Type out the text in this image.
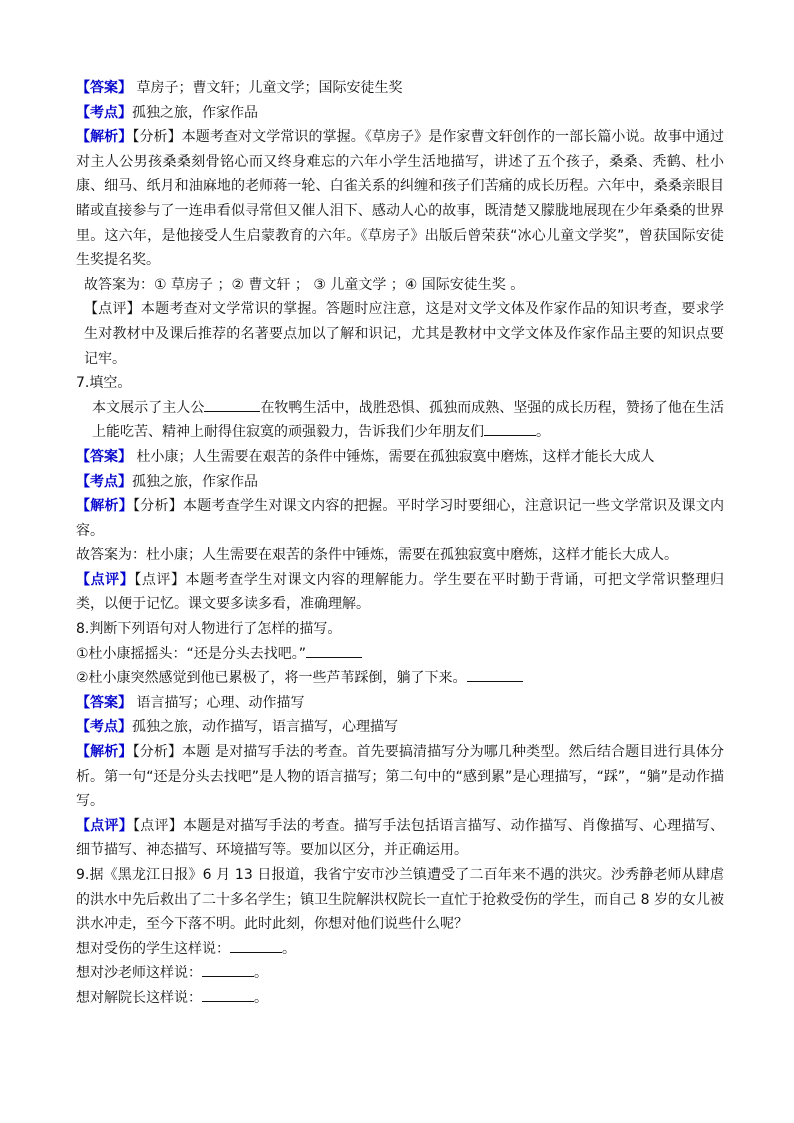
【答案】 草房子；曹文轩；儿童文学；国际安徒生奖

【考点】孤独之旅，作家作品

【解析】【分析】本题考查对文学常识的掌握。《草房子》是作家曹文轩创作的一部长篇小说。故事中通过对主人公男孩桑桑刻骨铭心而又终身难忘的六年小学生活地描写，讲述了五个孩子，桑桑、秃鹤、杜小康、细马、纸月和油麻地的老师蒋一轮、白雀关系的纠缠和孩子们苦痛的成长历程。六年中，桑桑亲眼目睹或直接参与了一连串看似寻常但又催人泪下、感动人心的故事，既清楚又朦胧地展现在少年桑桑的世界里。这六年，是他接受人生启蒙教育的六年。《草房子》出版后曾荣获“冰心儿童文学奖”，曾获国际安徒生奖提名奖。

故答案为：① 草房子 ；② 曹文轩 ； ③ 儿童文学 ；④ 国际安徒生奖 。

【点评】本题考查对文学常识的掌握。答题时应注意，这是对文学文体及作家作品的知识考查，要求学生对教材中及课后推荐的名著要点加以了解和识记，尤其是教材中文学文体及作家作品主要的知识点要记牢。

7.填空。

本文展示了主人公	在牧鸭生活中，战胜恐惧、孤独而成熟、坚强的成长历程，赞扬了他在生活上能吃苦、精神上耐得住寂寞的顽强毅力，告诉我们少年朋友们	。

【答案】 杜小康；人生需要在艰苦的条件中锤炼，需要在孤独寂寞中磨炼，这样才能长大成人

【考点】孤独之旅，作家作品

【解析】【分析】本题考查学生对课文内容的把握。平时学习时要细心，注意识记一些文学常识及课文内容。

故答案为：杜小康；人生需要在艰苦的条件中锤炼，需要在孤独寂寞中磨炼，这样才能长大成人。

【点评】【点评】本题考查学生对课文内容的理解能力。学生要在平时勤于背诵，可把文学常识整理归类，以便于记忆。课文要多读多看，准确理解。

8.判断下列语句对人物进行了怎样的描写。

①杜小康摇摇头：“还是分头去找吧。”

②杜小康突然感觉到他已累极了，将一些芦苇踩倒，躺了下来。

【答案】 语言描写；心理、动作描写

【考点】孤独之旅，动作描写，语言描写，心理描写

【解析】【分析】本题 是对描写手法的考查。首先要搞清描写分为哪几种类型。然后结合题目进行具体分析。第一句“还是分头去找吧”是人物的语言描写；第二句中的“感到累”是心理描写，“踩”，“躺”是动作描写。

【点评】【点评】本题是对描写手法的考查。描写手法包括语言描写、动作描写、肖像描写、心理描写、细节描写、神态描写、环境描写等。要加以区分，并正确运用。

9.据《黑龙江日报》6 月 13 日报道，我省宁安市沙兰镇遭受了二百年来不遇的洪灾。沙秀静老师从肆虐的洪水中先后救出了二十多名学生；镇卫生院解洪权院长一直忙于抢救受伤的学生，而自己 8 岁的女儿被洪水冲走，至今下落不明。此时此刻，你想对他们说些什么呢？

想对受伤的学生这样说：	。

想对沙老师这样说：	。

想对解院长这样说：	。
